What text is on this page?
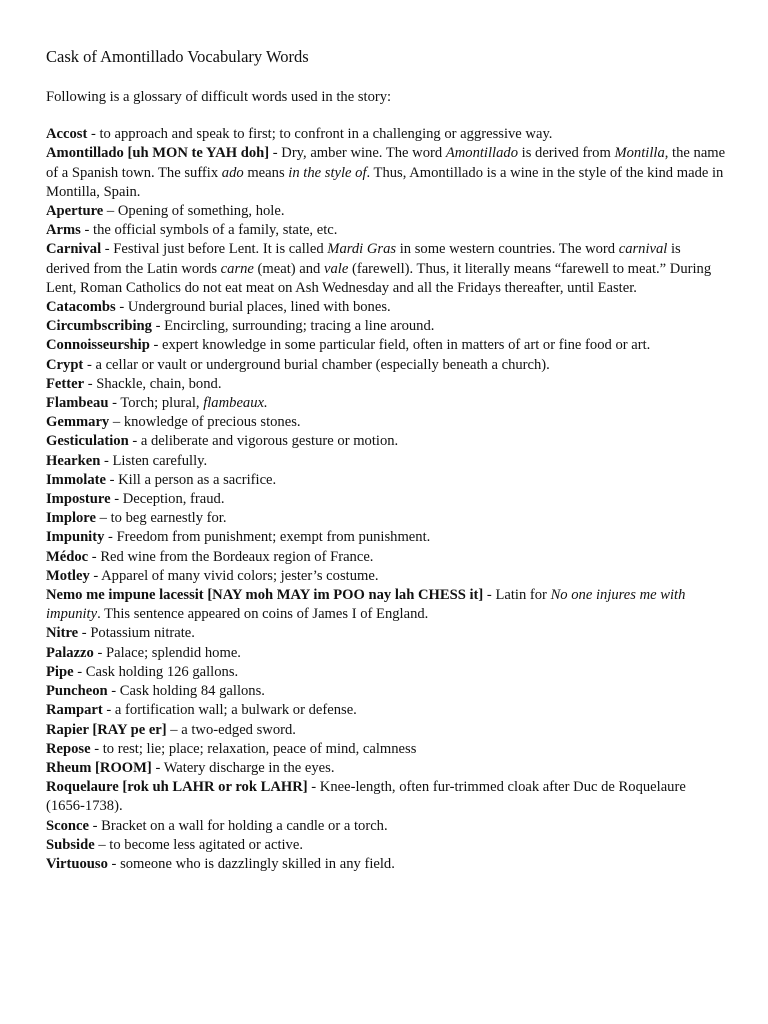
Cask of Amontillado Vocabulary Words

Following is a glossary of difficult words used in the story:

Accost - to approach and speak to first; to confront in a challenging or aggressive way.
Amontillado [uh MON te YAH doh] - Dry, amber wine. The word Amontillado is derived from Montilla, the name of a Spanish town. The suffix ado means in the style of. Thus, Amontillado is a wine in the style of the kind made in Montilla, Spain.
Aperture – Opening of something, hole.
Arms - the official symbols of a family, state, etc.
Carnival - Festival just before Lent. It is called Mardi Gras in some western countries. The word carnival is derived from the Latin words carne (meat) and vale (farewell). Thus, it literally means “farewell to meat.” During Lent, Roman Catholics do not eat meat on Ash Wednesday and all the Fridays thereafter, until Easter.
Catacombs - Underground burial places, lined with bones.
Circumbscribing - Encircling, surrounding; tracing a line around.
Connoisseurship - expert knowledge in some particular field, often in matters of art or fine food or art.
Crypt - a cellar or vault or underground burial chamber (especially beneath a church).
Fetter - Shackle, chain, bond.
Flambeau - Torch; plural, flambeaux.
Gemmary – knowledge of precious stones.
Gesticulation - a deliberate and vigorous gesture or motion.
Hearken - Listen carefully.
Immolate - Kill a person as a sacrifice.
Imposture - Deception, fraud.
Implore – to beg earnestly for.
Impunity - Freedom from punishment; exempt from punishment.
Médoc - Red wine from the Bordeaux region of France.
Motley - Apparel of many vivid colors; jester’s costume.
Nemo me impune lacessit [NAY moh MAY im POO nay lah CHESS it] - Latin for No one injures me with impunity. This sentence appeared on coins of James I of England.
Nitre - Potassium nitrate.
Palazzo - Palace; splendid home.
Pipe - Cask holding 126 gallons.
Puncheon - Cask holding 84 gallons.
Rampart - a fortification wall; a bulwark or defense.
Rapier [RAY pe er] – a two-edged sword.
Repose - to rest; lie; place; relaxation, peace of mind, calmness
Rheum [ROOM] - Watery discharge in the eyes.
Roquelaure [rok uh LAHR or rok LAHR] - Knee-length, often fur-trimmed cloak after Duc de Roquelaure (1656-1738).
Sconce - Bracket on a wall for holding a candle or a torch.
Subside – to become less agitated or active.
Virtuouso - someone who is dazzlingly skilled in any field.
